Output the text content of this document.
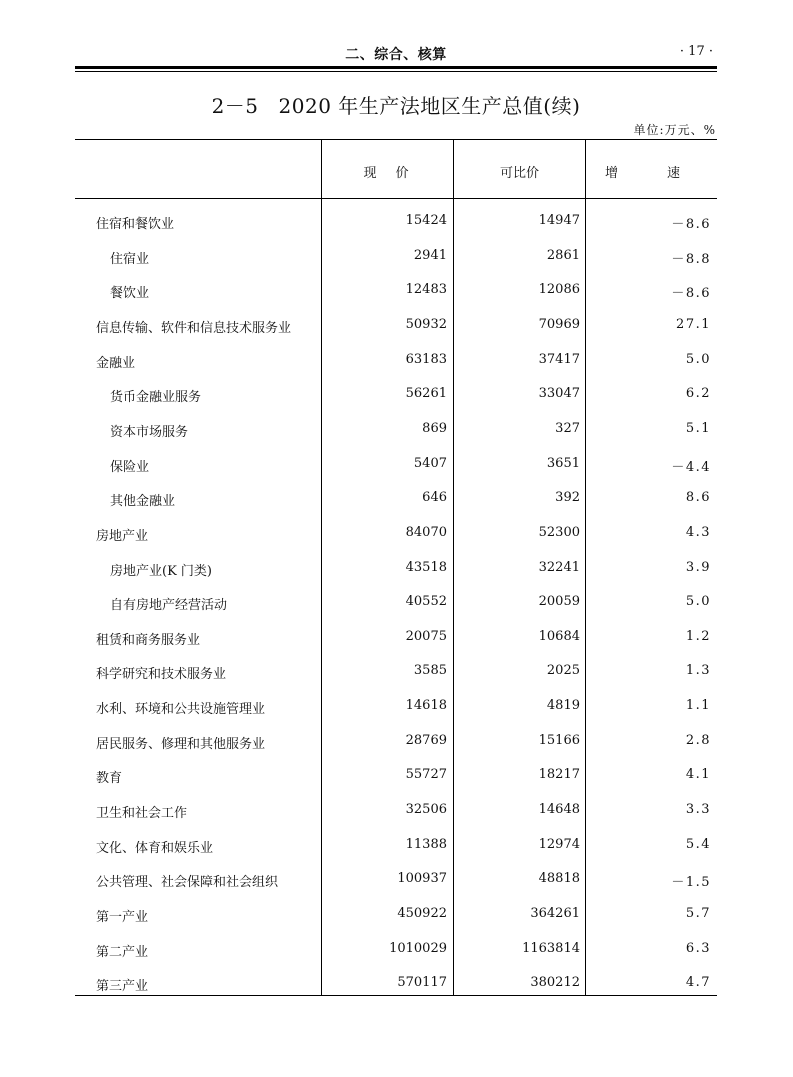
二、综合、核算	· 17 ·
2－5 2020 年生产法地区生产总值(续)
单位:万元、%
现　价	可比价	增　速
住宿和餐饮业	15424	14947	－8.6
住宿业	2941	2861	－8.8
餐饮业	12483	12086	－8.6
信息传输、软件和信息技术服务业	50932	70969	27.1
金融业	63183	37417	5.0
货币金融业服务	56261	33047	6.2
资本市场服务	869	327	5.1
保险业	5407	3651	－4.4
其他金融业	646	392	8.6
房地产业	84070	52300	4.3
房地产业(K 门类)	43518	32241	3.9
自有房地产经营活动	40552	20059	5.0
租赁和商务服务业	20075	10684	1.2
科学研究和技术服务业	3585	2025	1.3
水利、环境和公共设施管理业	14618	4819	1.1
居民服务、修理和其他服务业	28769	15166	2.8
教育	55727	18217	4.1
卫生和社会工作	32506	14648	3.3
文化、体育和娱乐业	11388	12974	5.4
公共管理、社会保障和社会组织	100937	48818	－1.5
第一产业	450922	364261	5.7
第二产业	1010029	1163814	6.3
第三产业	570117	380212	4.7
